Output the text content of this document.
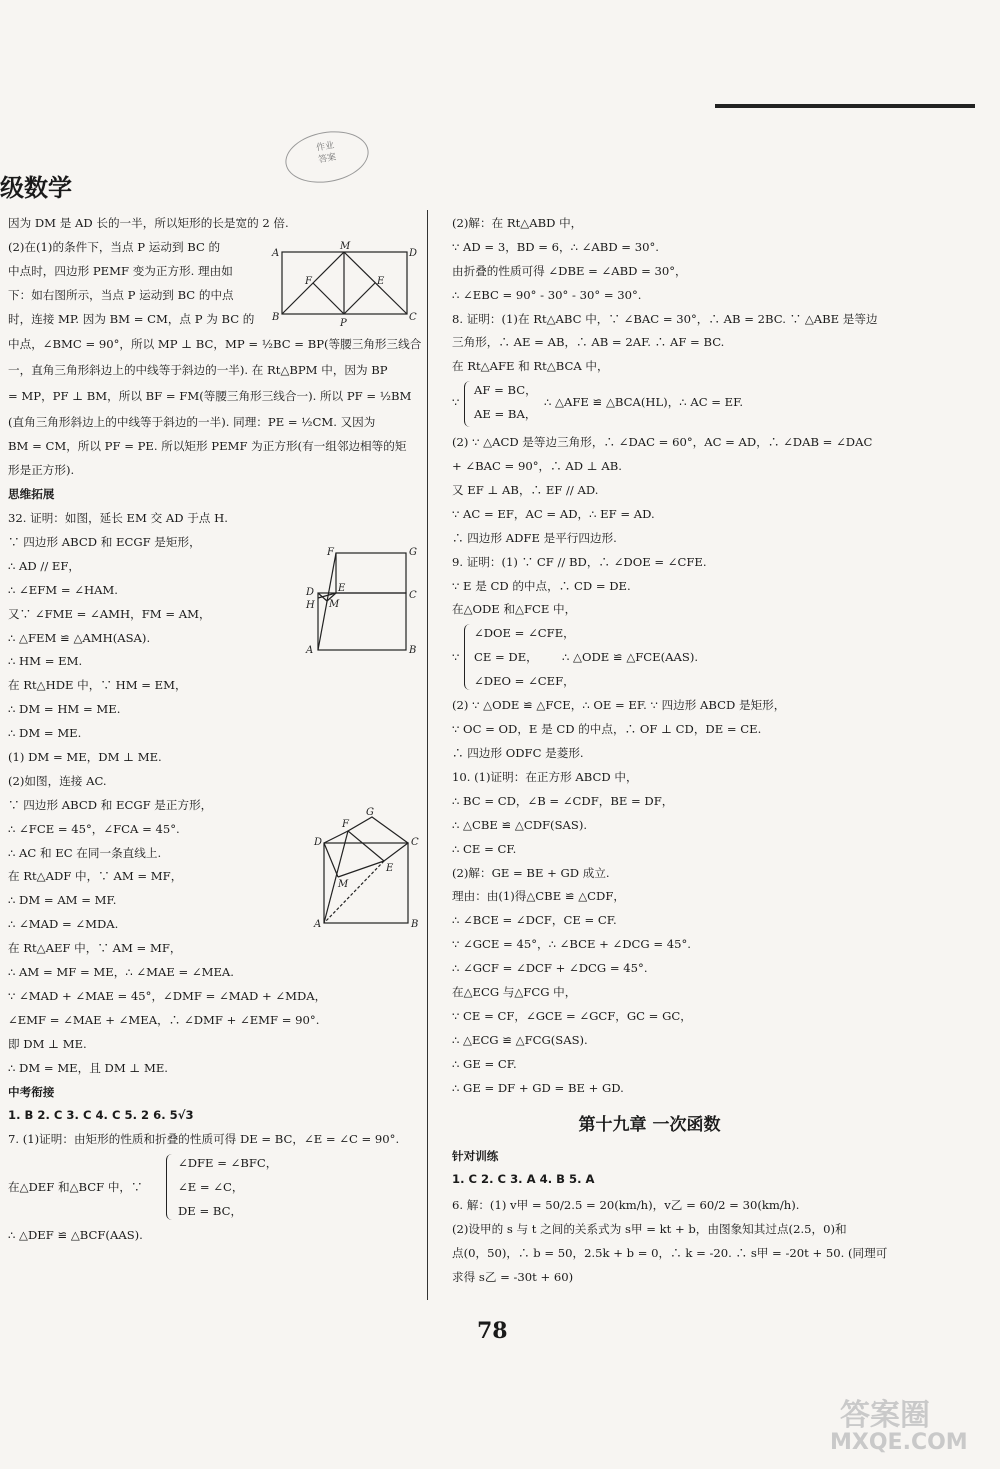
作业
答案
级数学
因为 DM 是 AD 长的一半，所以矩形的长是宽的 2 倍.
(2)在(1)的条件下，当点 P 运动到 BC 的
中点时，四边形 PEMF 变为正方形. 理由如
下：如右图所示，当点 P 运动到 BC 的中点
时，连接 MP. 因为 BM = CM，点 P 为 BC 的
中点，∠BMC = 90°，所以 MP ⊥ BC，MP = ½BC = BP(等腰三角形三线合
一，直角三角形斜边上的中线等于斜边的一半). 在 Rt△BPM 中，因为 BP
= MP，PF ⊥ BM，所以 BF = FM(等腰三角形三线合一). 所以 PF = ½BM
(直角三角形斜边上的中线等于斜边的一半). 同理：PE = ½CM. 又因为
BM = CM，所以 PF = PE. 所以矩形 PEMF 为正方形(有一组邻边相等的矩
形是正方形).
思维拓展
32. 证明：如图，延长 EM 交 AD 于点 H.
∵ 四边形 ABCD 和 ECGF 是矩形，
∴ AD // EF，
∴ ∠EFM = ∠HAM.
又∵ ∠FME = ∠AMH，FM = AM，
∴ △FEM ≌ △AMH(ASA).
∴ HM = EM.
在 Rt△HDE 中，∵ HM = EM，
∴ DM = HM = ME.
∴ DM = ME.
(1) DM = ME，DM ⊥ ME.
(2)如图，连接 AC.
∵ 四边形 ABCD 和 ECGF 是正方形，
∴ ∠FCE = 45°，∠FCA = 45°.
∴ AC 和 EC 在同一条直线上.
在 Rt△ADF 中，∵ AM = MF，
∴ DM = AM = MF.
∴ ∠MAD = ∠MDA.
在 Rt△AEF 中，∵ AM = MF，
∴ AM = MF = ME，∴ ∠MAE = ∠MEA.
∵ ∠MAD + ∠MAE = 45°，∠DMF = ∠MAD + ∠MDA，
∠EMF = ∠MAE + ∠MEA，∴ ∠DMF + ∠EMF = 90°.
即 DM ⊥ ME.
∴ DM = ME，且 DM ⊥ ME.
中考衔接
1. B 2. C 3. C 4. C 5. 2 6. 5√3
7. (1)证明：由矩形的性质和折叠的性质可得 DE = BC，∠E = ∠C = 90°.
在△DEF 和△BCF 中，∵
∠DFE = ∠BFC，
∠E = ∠C，
DE = BC，
∴ △DEF ≌ △BCF(AAS).
(2)解：在 Rt△ABD 中，
∵ AD = 3，BD = 6，∴ ∠ABD = 30°.
由折叠的性质可得 ∠DBE = ∠ABD = 30°，
∴ ∠EBC = 90° - 30° - 30° = 30°.
8. 证明：(1)在 Rt△ABC 中，∵ ∠BAC = 30°，∴ AB = 2BC. ∵ △ABE 是等边
三角形，∴ AE = AB，∴ AB = 2AF. ∴ AF = BC.
在 Rt△AFE 和 Rt△BCA 中，
∵
AF = BC，
AE = BA，
∴ △AFE ≌ △BCA(HL)，∴ AC = EF.
(2) ∵ △ACD 是等边三角形，∴ ∠DAC = 60°，AC = AD，∴ ∠DAB = ∠DAC
+ ∠BAC = 90°，∴ AD ⊥ AB.
又 EF ⊥ AB，∴ EF // AD.
∵ AC = EF，AC = AD，∴ EF = AD.
∴ 四边形 ADFE 是平行四边形.
9. 证明：(1) ∵ CF // BD，∴ ∠DOE = ∠CFE.
∵ E 是 CD 的中点，∴ CD = DE.
在△ODE 和△FCE 中，
∵
∠DOE = ∠CFE，
CE = DE，
∠DEO = ∠CEF，
∴ △ODE ≌ △FCE(AAS).
(2) ∵ △ODE ≌ △FCE，∴ OE = EF. ∵ 四边形 ABCD 是矩形，
∵ OC = OD，E 是 CD 的中点，∴ OF ⊥ CD，DE = CE.
∴ 四边形 ODFC 是菱形.
10. (1)证明：在正方形 ABCD 中，
∴ BC = CD，∠B = ∠CDF，BE = DF，
∴ △CBE ≌ △CDF(SAS).
∴ CE = CF.
(2)解：GE = BE + GD 成立.
理由：由(1)得△CBE ≌ △CDF，
∴ ∠BCE = ∠DCF，CE = CF.
∵ ∠GCE = 45°，∴ ∠BCE + ∠DCG = 45°.
∴ ∠GCF = ∠DCF + ∠DCG = 45°.
在△ECG 与△FCG 中，
∵ CE = CF，∠GCE = ∠GCF，GC = GC，
∴ △ECG ≌ △FCG(SAS).
∴ GE = CF.
∴ GE = DF + GD = BE + GD.
第十九章 一次函数
针对训练
1. C 2. C 3. A 4. B 5. A
6. 解：(1) v甲 = 50/2.5 = 20(km/h)，v乙 = 60/2 = 30(km/h).
(2)设甲的 s 与 t 之间的关系式为 s甲 = kt + b，由图象知其过点(2.5，0)和
点(0，50)，∴ b = 50，2.5k + b = 0，∴ k = -20. ∴ s甲 = -20t + 50. (同理可
求得 s乙 = -30t + 60)
A
M
D
F	E
B
P
C
F	G
D E
H M
C
A	B
G
F
D	C
M
E
A	B
78
答案圈
MXQE.COM
